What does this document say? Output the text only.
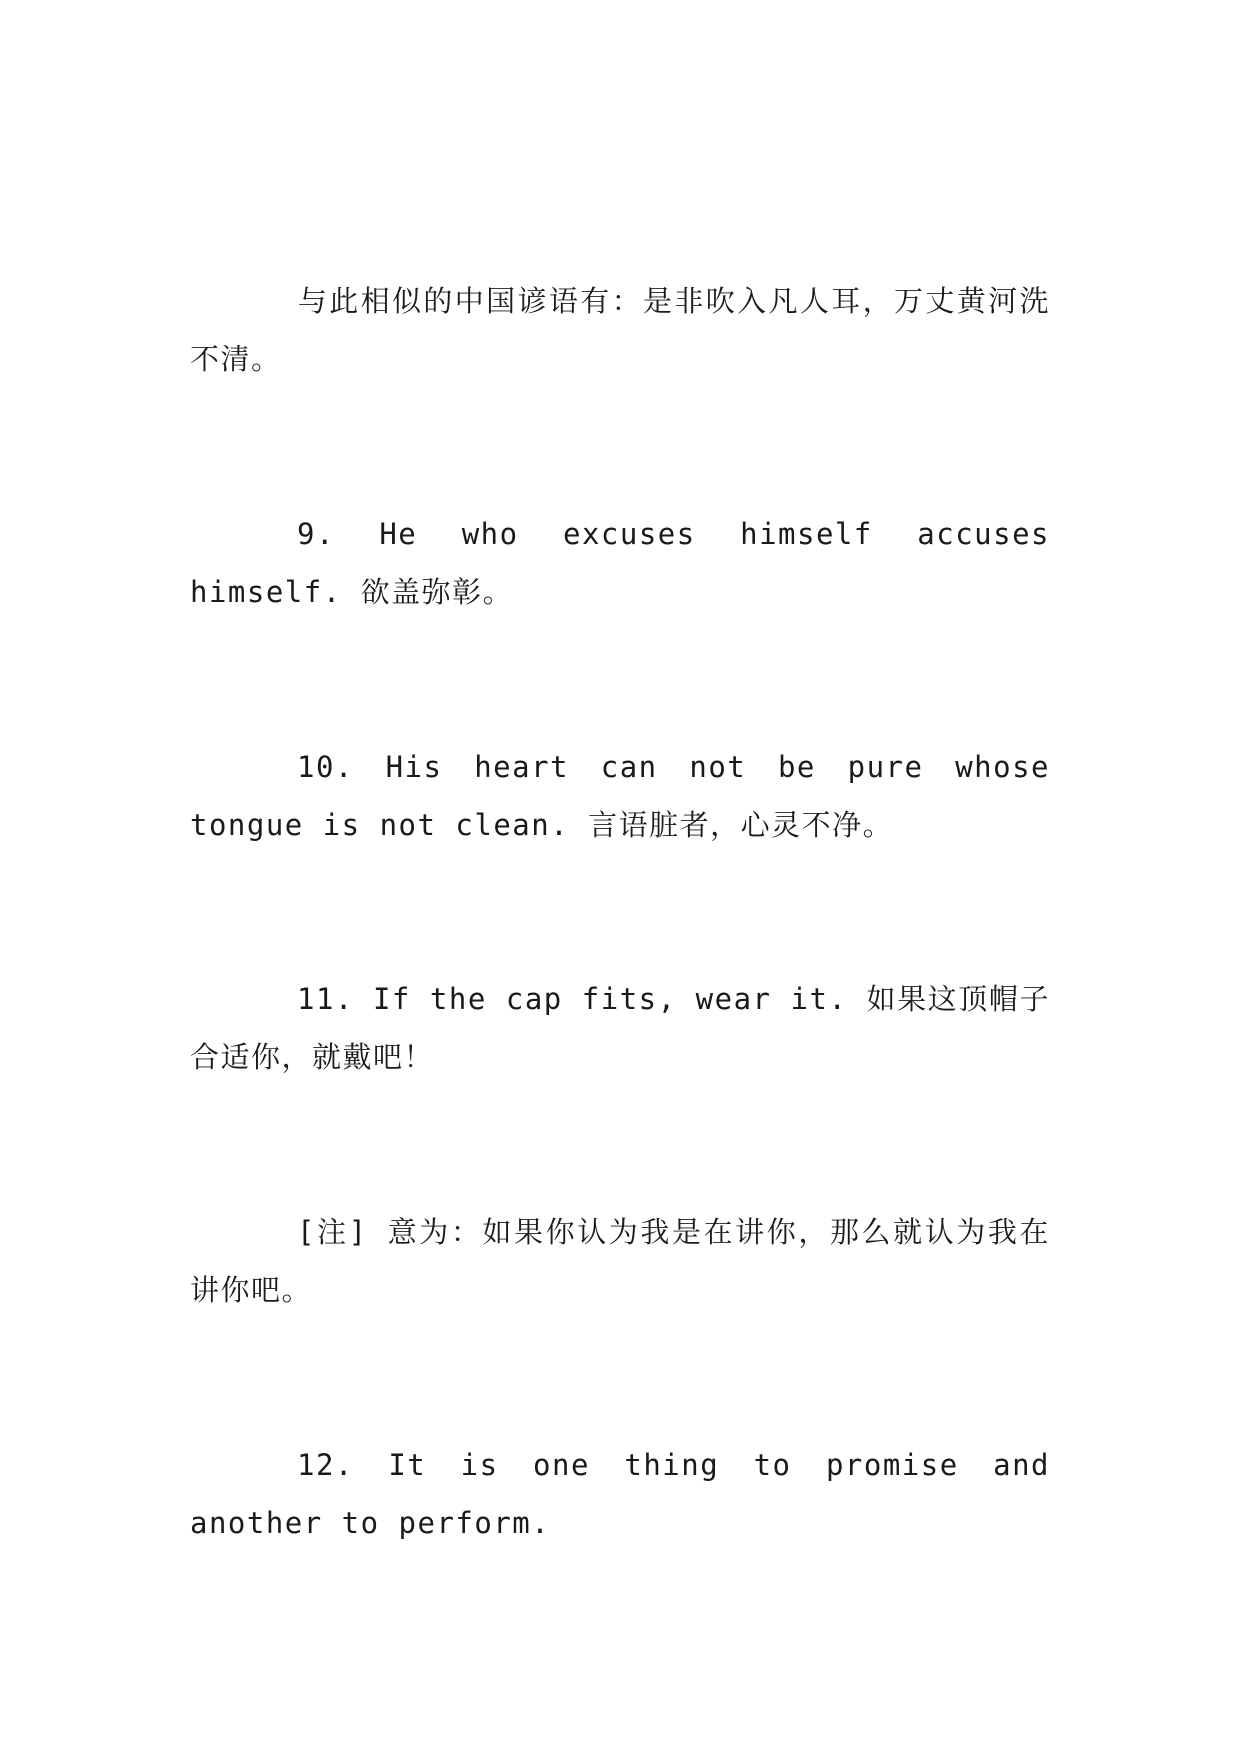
与此相似的中国谚语有：是非吹入凡人耳，万丈黄河洗不清。

9. He who excuses himself accuses himself. 欲盖弥彰。

10. His heart can not be pure whose tongue is not clean. 言语脏者，心灵不净。

11. If the cap fits, wear it. 如果这顶帽子合适你，就戴吧！

[注] 意为：如果你认为我是在讲你，那么就认为我在讲你吧。

12. It is one thing to promise and another to perform.
